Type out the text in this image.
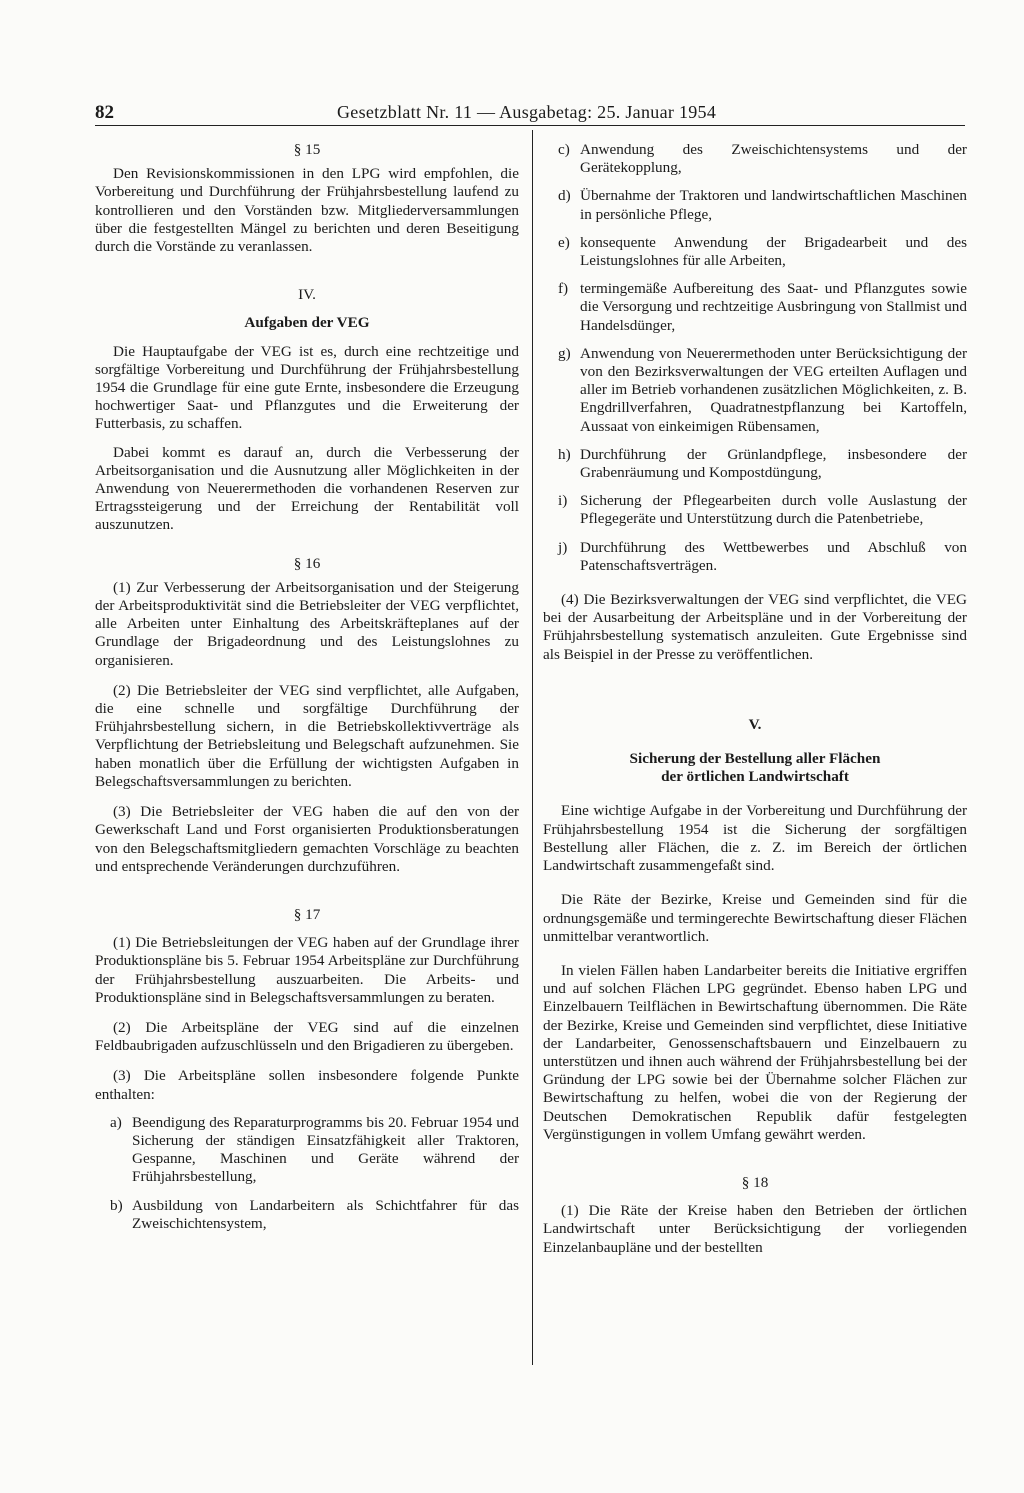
82	Gesetzblatt Nr. 11 — Ausgabetag: 25. Januar 1954

§ 15

Den Revisionskommissionen in den LPG wird empfohlen, die Vorbereitung und Durchführung der Frühjahrsbestellung laufend zu kontrollieren und den Vorständen bzw. Mitgliederversammlungen über die festgestellten Mängel zu berichten und deren Beseitigung durch die Vorstände zu veranlassen.

IV.

Aufgaben der VEG

Die Hauptaufgabe der VEG ist es, durch eine rechtzeitige und sorgfältige Vorbereitung und Durchführung der Frühjahrsbestellung 1954 die Grundlage für eine gute Ernte, insbesondere die Erzeugung hochwertiger Saat- und Pflanzgutes und die Erweiterung der Futterbasis, zu schaffen.

Dabei kommt es darauf an, durch die Verbesserung der Arbeitsorganisation und die Ausnutzung aller Möglichkeiten in der Anwendung von Neuerermethoden die vorhandenen Reserven zur Ertragssteigerung und der Erreichung der Rentabilität voll auszunutzen.

§ 16

(1) Zur Verbesserung der Arbeitsorganisation und der Steigerung der Arbeitsproduktivität sind die Betriebsleiter der VEG verpflichtet, alle Arbeiten unter Einhaltung des Arbeitskräfteplanes auf der Grundlage der Brigadeordnung und des Leistungslohnes zu organisieren.

(2) Die Betriebsleiter der VEG sind verpflichtet, alle Aufgaben, die eine schnelle und sorgfältige Durchführung der Frühjahrsbestellung sichern, in die Betriebskollektivverträge als Verpflichtung der Betriebsleitung und Belegschaft aufzunehmen. Sie haben monatlich über die Erfüllung der wichtigsten Aufgaben in Belegschaftsversammlungen zu berichten.

(3) Die Betriebsleiter der VEG haben die auf den von der Gewerkschaft Land und Forst organisierten Produktionsberatungen von den Belegschaftsmitgliedern gemachten Vorschläge zu beachten und entsprechende Veränderungen durchzuführen.

§ 17

(1) Die Betriebsleitungen der VEG haben auf der Grundlage ihrer Produktionspläne bis 5. Februar 1954 Arbeitspläne zur Durchführung der Frühjahrsbestellung auszuarbeiten. Die Arbeits- und Produktionspläne sind in Belegschaftsversammlungen zu beraten.

(2) Die Arbeitspläne der VEG sind auf die einzelnen Feldbaubrigaden aufzuschlüsseln und den Brigadieren zu übergeben.

(3) Die Arbeitspläne sollen insbesondere folgende Punkte enthalten:

a) Beendigung des Reparaturprogramms bis 20. Februar 1954 und Sicherung der ständigen Einsatzfähigkeit aller Traktoren, Gespanne, Maschinen und Geräte während der Frühjahrsbestellung,
b) Ausbildung von Landarbeitern als Schichtfahrer für das Zweischichtensystem,
c) Anwendung des Zweischichtensystems und der Gerätekopplung,
d) Übernahme der Traktoren und landwirtschaftlichen Maschinen in persönliche Pflege,
e) konsequente Anwendung der Brigadearbeit und des Leistungslohnes für alle Arbeiten,
f) termingemäße Aufbereitung des Saat- und Pflanzgutes sowie die Versorgung und rechtzeitige Ausbringung von Stallmist und Handelsdünger,
g) Anwendung von Neuerermethoden unter Berücksichtigung der von den Bezirksverwaltungen der VEG erteilten Auflagen und aller im Betrieb vorhandenen zusätzlichen Möglichkeiten, z. B. Engdrillverfahren, Quadratnestpflanzung bei Kartoffeln, Aussaat von einkeimigen Rübensamen,
h) Durchführung der Grünlandpflege, insbesondere der Grabenräumung und Kompostdüngung,
i) Sicherung der Pflegearbeiten durch volle Auslastung der Pflegegeräte und Unterstützung durch die Patenbetriebe,
j) Durchführung des Wettbewerbes und Abschluß von Patenschaftsverträgen.

(4) Die Bezirksverwaltungen der VEG sind verpflichtet, die VEG bei der Ausarbeitung der Arbeitspläne und in der Vorbereitung der Frühjahrsbestellung systematisch anzuleiten. Gute Ergebnisse sind als Beispiel in der Presse zu veröffentlichen.

V.

Sicherung der Bestellung aller Flächen

der örtlichen Landwirtschaft

Eine wichtige Aufgabe in der Vorbereitung und Durchführung der Frühjahrsbestellung 1954 ist die Sicherung der sorgfältigen Bestellung aller Flächen, die z. Z. im Bereich der örtlichen Landwirtschaft zusammengefaßt sind.

Die Räte der Bezirke, Kreise und Gemeinden sind für die ordnungsgemäße und termingerechte Bewirtschaftung dieser Flächen unmittelbar verantwortlich.

In vielen Fällen haben Landarbeiter bereits die Initiative ergriffen und auf solchen Flächen LPG gegründet. Ebenso haben LPG und Einzelbauern Teilflächen in Bewirtschaftung übernommen. Die Räte der Bezirke, Kreise und Gemeinden sind verpflichtet, diese Initiative der Landarbeiter, Genossenschaftsbauern und Einzelbauern zu unterstützen und ihnen auch während der Frühjahrsbestellung bei der Gründung der LPG sowie bei der Übernahme solcher Flächen zur Bewirtschaftung zu helfen, wobei die von der Regierung der Deutschen Demokratischen Republik dafür festgelegten Vergünstigungen in vollem Umfang gewährt werden.

§ 18

(1) Die Räte der Kreise haben den Betrieben der örtlichen Landwirtschaft unter Berücksichtigung der vorliegenden Einzelanbaupläne und der bestellten
